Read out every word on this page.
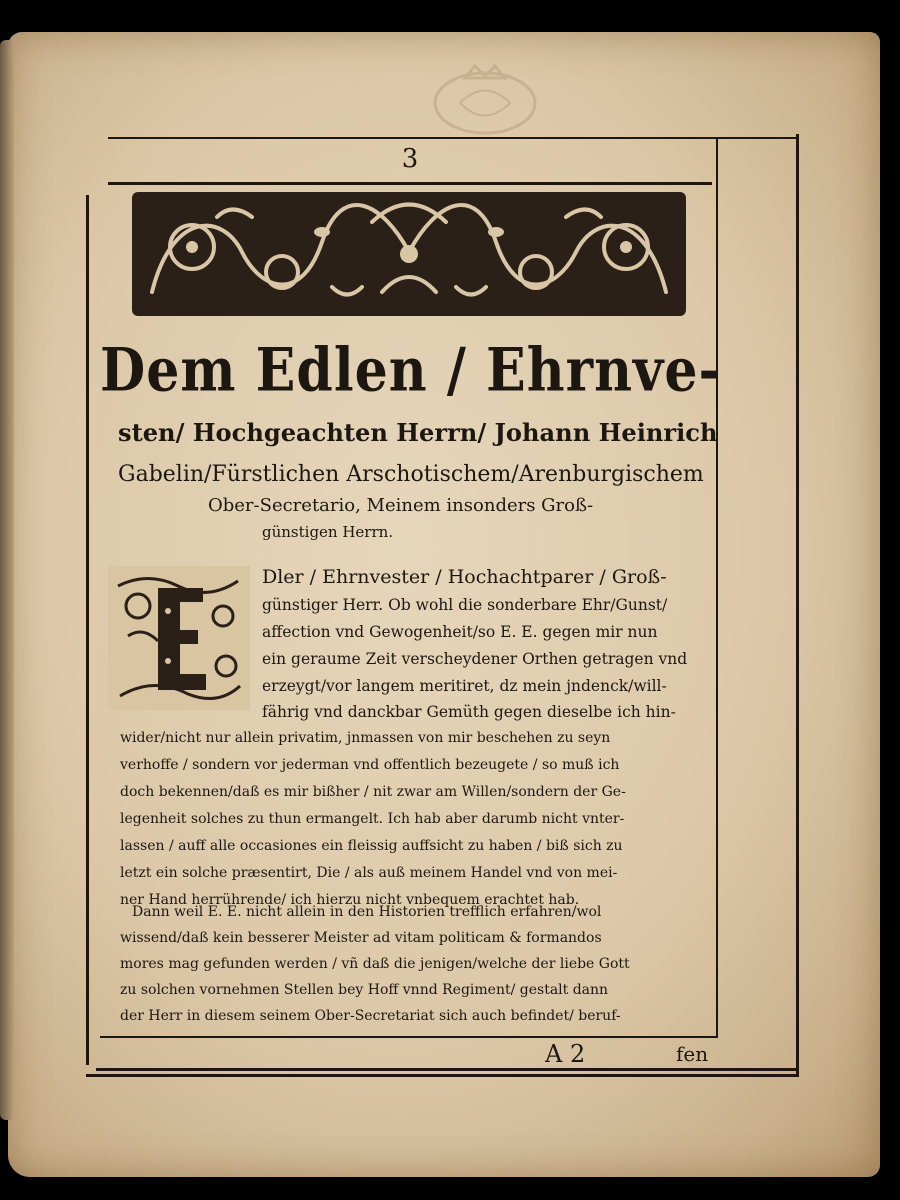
3
Dem Edlen / Ehrnve-
sten/ Hochgeachten Herrn/ Johann Heinrich
Gabelin/Fürstlichen Arschotischem/Arenburgischem
Ober-Secretario, Meinem insonders Groß-
günstigen Herrn.
Dler / Ehrnvester / Hochachtparer / Groß-
günstiger Herr. Ob wohl die sonderbare Ehr/Gunst/
affection vnd Gewogenheit/so E. E. gegen mir nun
ein geraume Zeit verscheydener Orthen getragen vnd
erzeygt/vor langem meritiret, dz mein jndenck/will-
fährig vnd danckbar Gemüth gegen dieselbe ich hin-
wider/nicht nur allein privatim, jnmassen von mir beschehen zu seyn
verhoffe / sondern vor jederman vnd offentlich bezeugete / so muß ich
doch bekennen/daß es mir bißher / nit zwar am Willen/sondern der Ge-
legenheit solches zu thun ermangelt. Ich hab aber darumb nicht vnter-
lassen / auff alle occasiones ein fleissig auffsicht zu haben / biß sich zu
letzt ein solche præsentirt, Die / als auß meinem Handel vnd von mei-
ner Hand herrührende/ ich hierzu nicht vnbequem erachtet hab.
Dann weil E. E. nicht allein in den Historien trefflich erfahren/wol
wissend/daß kein besserer Meister ad vitam politicam & formandos
mores mag gefunden werden / vñ daß die jenigen/welche der liebe Gott
zu solchen vornehmen Stellen bey Hoff vnnd Regiment/ gestalt dann
der Herr in diesem seinem Ober-Secretariat sich auch befindet/ beruf-
A 2	fen
